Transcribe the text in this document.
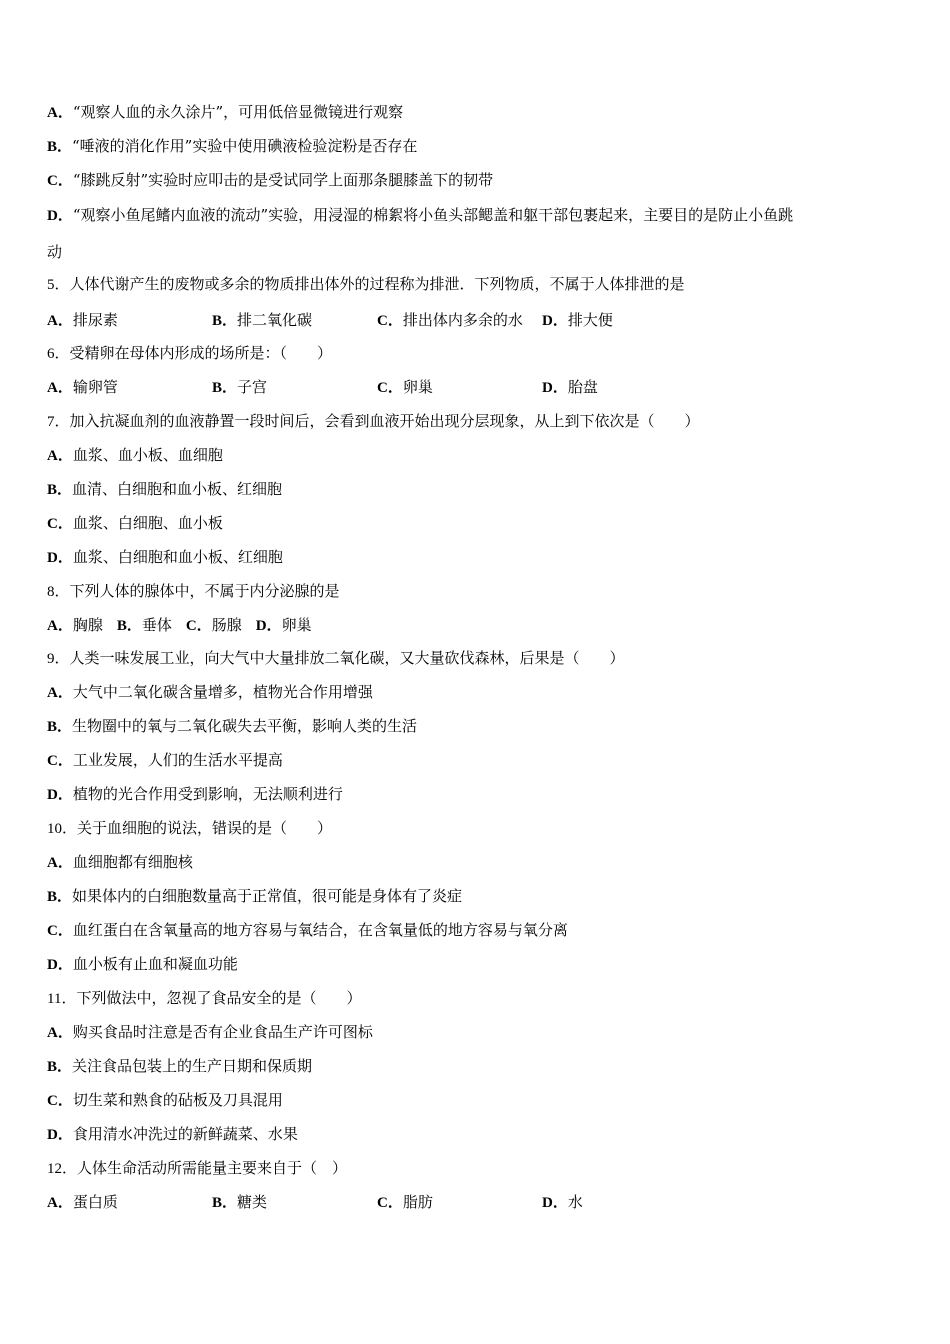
A．“观察人血的永久涂片”，可用低倍显微镜进行观察
B．“唾液的消化作用”实验中使用碘液检验淀粉是否存在
C．“膝跳反射”实验时应叩击的是受试同学上面那条腿膝盖下的韧带
D．“观察小鱼尾鳍内血液的流动”实验，用浸湿的棉絮将小鱼头部鳃盖和躯干部包裹起来，主要目的是防止小鱼跳
动
5．人体代谢产生的废物或多余的物质排出体外的过程称为排泄．下列物质，不属于人体排泄的是
A．排尿素	B．排二氧化碳	C．排出体内多余的水 D．排大便
6．受精卵在母体内形成的场所是：（　　）
A．输卵管	B．子宫	C．卵巢	D．胎盘
7．加入抗凝血剂的血液静置一段时间后，会看到血液开始出现分层现象，从上到下依次是（　　）
A．血浆、血小板、血细胞
B．血清、白细胞和血小板、红细胞
C．血浆、白细胞、血小板
D．血浆、白细胞和血小板、红细胞
8．下列人体的腺体中，不属于内分泌腺的是
A．胸腺 B．垂体 C．肠腺 D．卵巢
9．人类一味发展工业，向大气中大量排放二氧化碳，又大量砍伐森林，后果是（　　）
A．大气中二氧化碳含量增多，植物光合作用增强
B．生物圈中的氧与二氧化碳失去平衡，影响人类的生活
C．工业发展，人们的生活水平提高
D．植物的光合作用受到影响，无法顺利进行
10．关于血细胞的说法，错误的是（　　）
A．血细胞都有细胞核
B．如果体内的白细胞数量高于正常值，很可能是身体有了炎症
C．血红蛋白在含氧量高的地方容易与氧结合，在含氧量低的地方容易与氧分离
D．血小板有止血和凝血功能
11．下列做法中，忽视了食品安全的是（　　）
A．购买食品时注意是否有企业食品生产许可图标
B．关注食品包装上的生产日期和保质期
C．切生菜和熟食的砧板及刀具混用
D．食用清水冲洗过的新鲜蔬菜、水果
12．人体生命活动所需能量主要来自于（　）
A．蛋白质	B．糖类	C．脂肪	D．水
